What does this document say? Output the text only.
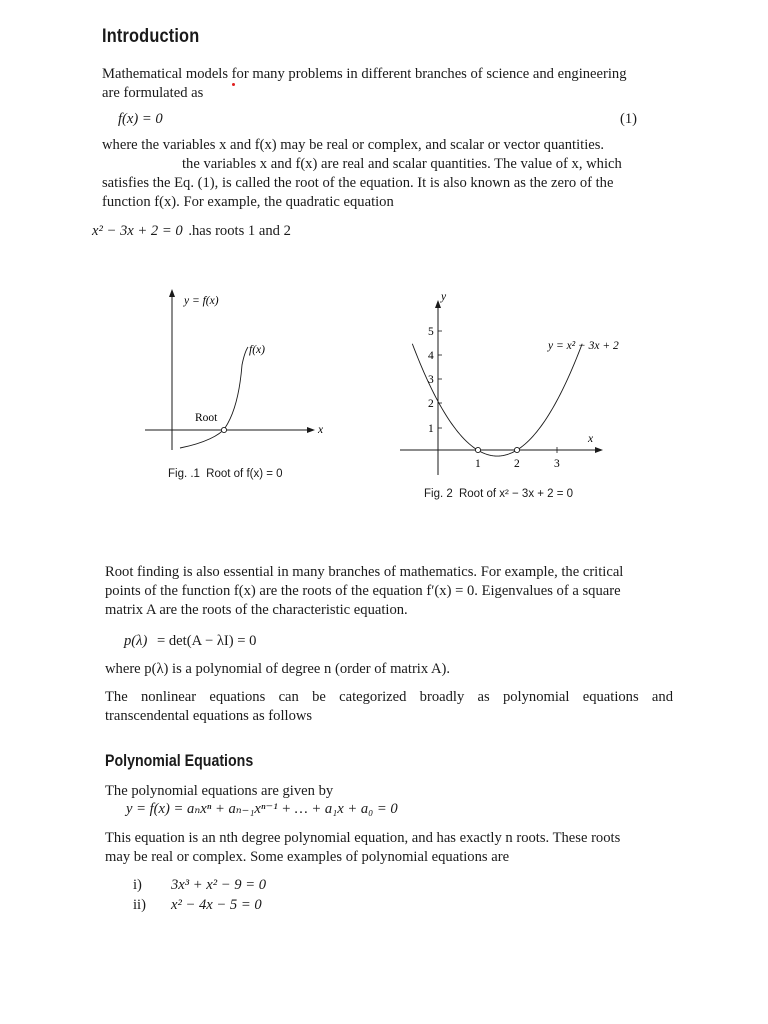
Introduction
Mathematical models for many problems in different branches of science and engineering
are formulated as
f(x) = 0	(1)
where the variables x and f(x) may be real or complex, and scalar or vector quantities.
the variables x and f(x) are real and scalar quantities. The value of x, which
satisfies the Eq. (1), is called the root of the equation. It is also known as the zero of the
function f(x). For example, the quadratic equation
x² − 3x + 2 = 0 .has roots 1 and 2
y = f(x)
f(x)
Root
x
Fig. .1 Root of f(x) = 0
1
2
3
4
5
1	2	3
y
x
y = x² − 3x + 2
Fig. 2 Root of x² − 3x + 2 = 0
Root finding is also essential in many branches of mathematics. For example, the critical
points of the function f(x) are the roots of the equation f′(x) = 0. Eigenvalues of a square
matrix A are the roots of the characteristic equation.
p(λ) = det(A − λI) = 0
where p(λ) is a polynomial of degree n (order of matrix A).
The nonlinear equations can be categorized broadly as polynomial equations and
transcendental equations as follows
Polynomial Equations
The polynomial equations are given by
y = f(x) = aₙxⁿ + aₙ₋₁xⁿ⁻¹ + … + a₁x + a₀ = 0
This equation is an nth degree polynomial equation, and has exactly n roots. These roots
may be real or complex. Some examples of polynomial equations are
i) 3x³ + x² − 9 = 0
ii) x² − 4x − 5 = 0
